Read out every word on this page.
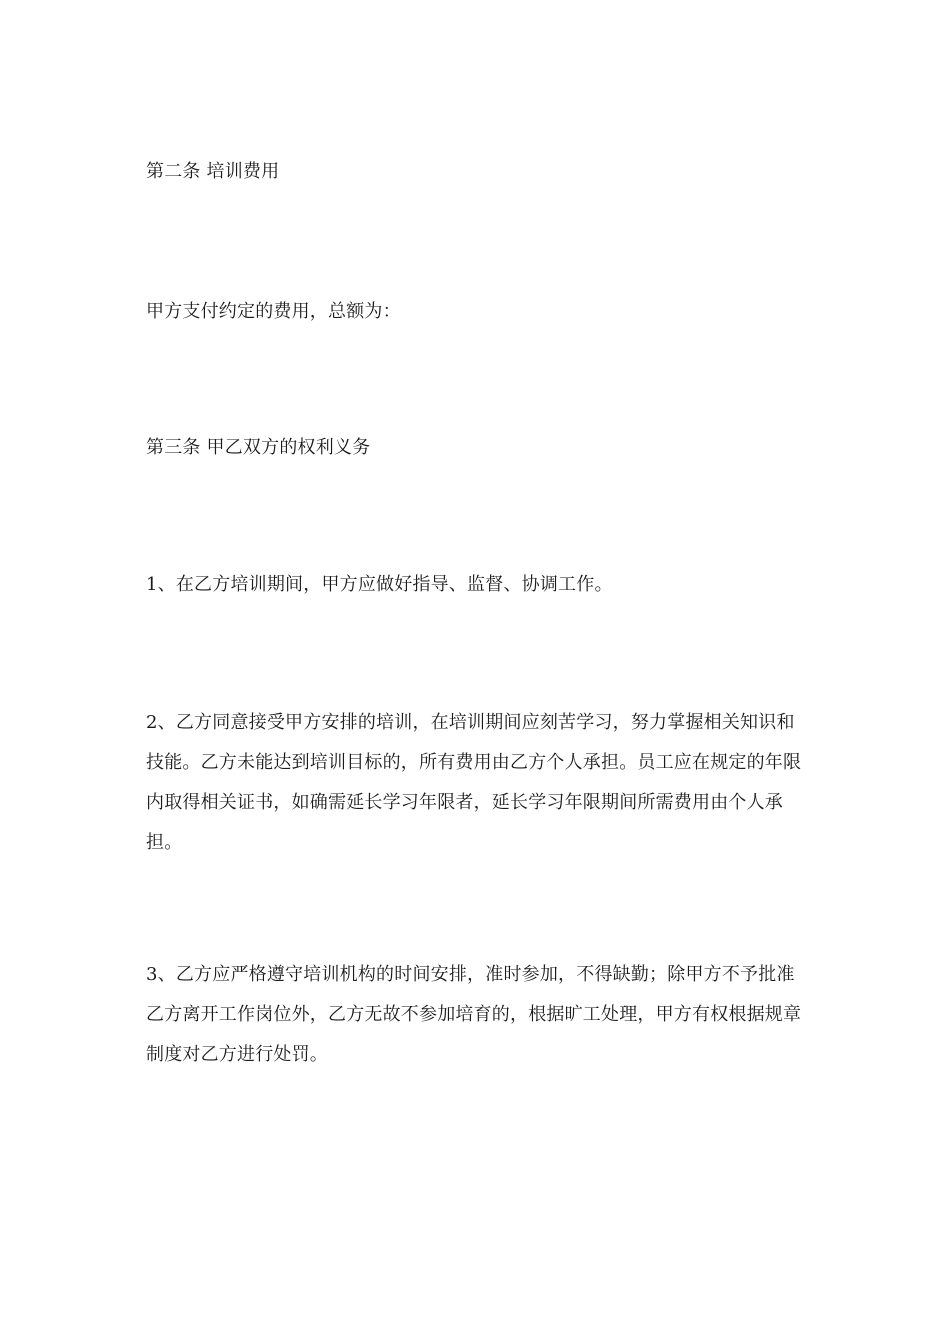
第二条 培训费用
甲方支付约定的费用，总额为：
第三条 甲乙双方的权利义务
1、在乙方培训期间，甲方应做好指导、监督、协调工作。
2、乙方同意接受甲方安排的培训，在培训期间应刻苦学习，努力掌握相关知识和技能。乙方未能达到培训目标的，所有费用由乙方个人承担。员工应在规定的年限内取得相关证书，如确需延长学习年限者，延长学习年限期间所需费用由个人承担。
3、乙方应严格遵守培训机构的时间安排，准时参加，不得缺勤；除甲方不予批准乙方离开工作岗位外，乙方无故不参加培育的，根据旷工处理，甲方有权根据规章制度对乙方进行处罚。
